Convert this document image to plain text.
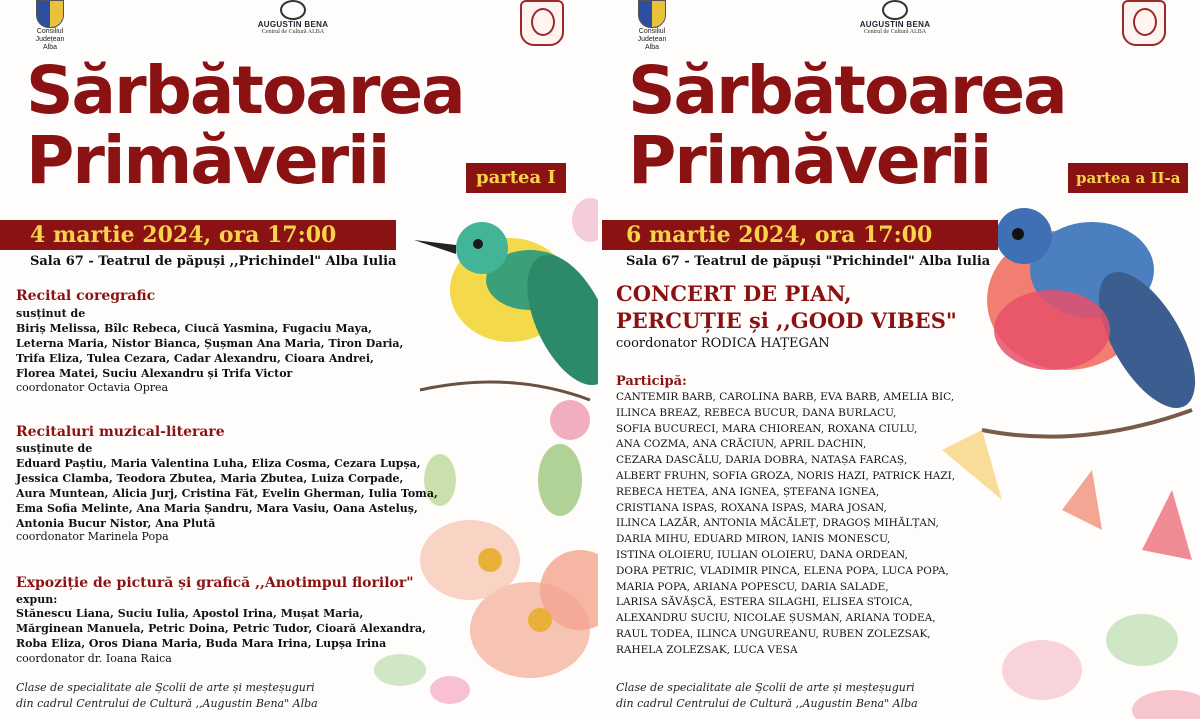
Consiliul Județean Alba
AUGUSTIN BENA
Centrul de Cultură ALBA
Sărbătoarea
Primăverii	partea I
4 martie 2024, ora 17:00
Sala 67 - Teatrul de păpuși ,,Prichindel" Alba Iulia
Recital coregrafic
susținut de
Biriș Melissa, Bîlc Rebeca, Ciucă Yasmina, Fugaciu Maya,
Leterna Maria, Nistor Bianca, Șușman Ana Maria, Tiron Daria,
Trifa Eliza, Tulea Cezara, Cadar Alexandru, Cioara Andrei,
Florea Matei, Suciu Alexandru și Trifa Victor
coordonator Octavia Oprea
Recitaluri muzical-literare
susținute de
Eduard Paștiu, Maria Valentina Luha, Eliza Cosma, Cezara Lupșa,
Jessica Clamba, Teodora Zbutea, Maria Zbutea, Luiza Corpade,
Aura Muntean, Alicia Jurj, Cristina Făt, Evelin Gherman, Iulia Toma,
Ema Sofia Melinte, Ana Maria Șandru, Mara Vasiu, Oana Asteluș,
Antonia Bucur Nistor, Ana Plută
coordonator Marinela Popa
Expoziție de pictură și grafică ,,Anotimpul florilor"
expun:
Stănescu Liana, Suciu Iulia, Apostol Irina, Mușat Maria,
Mărginean Manuela, Petric Doina, Petric Tudor, Cioară Alexandra,
Roba Eliza, Oros Diana Maria, Buda Mara Irina, Lupșa Irina
coordonator dr. Ioana Raica
Clase de specialitate ale Școlii de arte și meșteșuguri
din cadrul Centrului de Cultură ,,Augustin Bena" Alba
Consiliul Județean Alba
AUGUSTIN BENA
Centrul de Cultură ALBA
Sărbătoarea
Primăverii	partea a II-a
6 martie 2024, ora 17:00
Sala 67 - Teatrul de păpuși "Prichindel" Alba Iulia
CONCERT DE PIAN,
PERCUȚIE și ,,GOOD VIBES"
coordonator RODICA HAȚEGAN
Participă:
CANTEMIR BARB, CAROLINA BARB, EVA BARB, AMELIA BIC,
ILINCA BREAZ, REBECA BUCUR, DANA BURLACU,
SOFIA BUCURECI, MARA CHIOREAN, ROXANA CIULU,
ANA COZMA, ANA CRĂCIUN, APRIL DACHIN,
CEZARA DASCĂLU, DARIA DOBRA, NATAȘA FARCAȘ,
ALBERT FRUHN, SOFIA GROZA, NORIS HAZI, PATRICK HAZI,
REBECA HETEA, ANA IGNEA, ȘTEFANA IGNEA,
CRISTIANA ISPAS, ROXANA ISPAS, MARA JOSAN,
ILINCA LAZĂR, ANTONIA MĂCĂLEȚ, DRAGOȘ MIHĂLȚAN,
DARIA MIHU, EDUARD MIRON, IANIS MONESCU,
ISTINA OLOIERU, IULIAN OLOIERU, DANA ORDEAN,
DORA PETRIC, VLADIMIR PINCA, ELENA POPA, LUCA POPA,
MARIA POPA, ARIANA POPESCU, DARIA SALADE,
LARISA SĂVĂȘCĂ, ESTERA SILAGHI, ELISEA STOICA,
ALEXANDRU SUCIU, NICOLAE ȘUSMAN, ARIANA TODEA,
RAUL TODEA, ILINCA UNGUREANU, RUBEN ZOLEZSAK,
RAHELA ZOLEZSAK, LUCA VESA
Clase de specialitate ale Școlii de arte și meșteșuguri
din cadrul Centrului de Cultură ,,Augustin Bena" Alba
